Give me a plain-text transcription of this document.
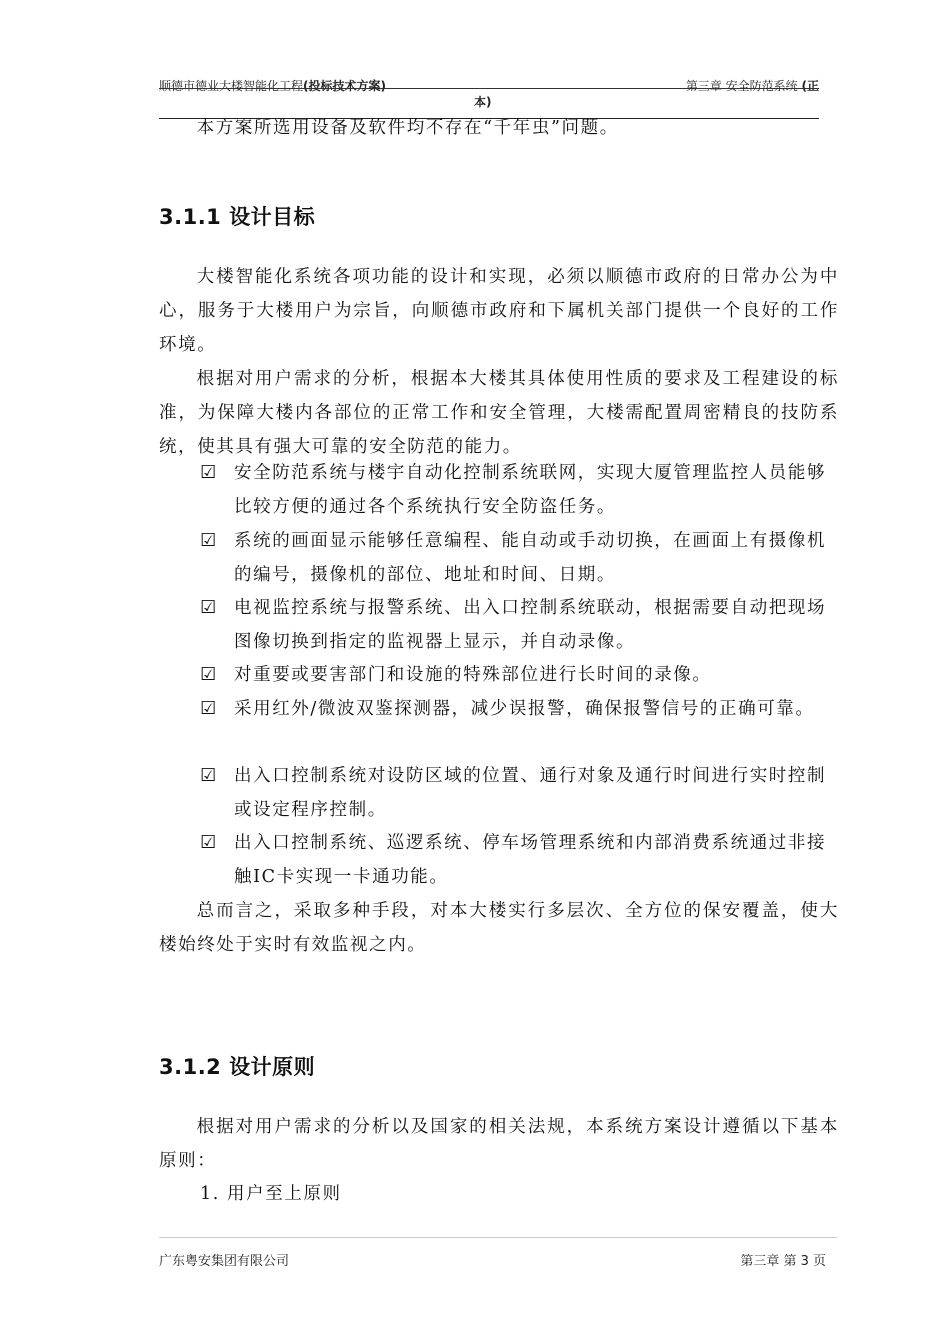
顺德市德业大楼智能化工程(投标技术方案)	第三章 安全防范系统 (正
本)
本方案所选用设备及软件均不存在“千年虫”问题。
3.1.1 设计目标
大楼智能化系统各项功能的设计和实现，必须以顺德市政府的日常办公为中心，服务于大楼用户为宗旨，向顺德市政府和下属机关部门提供一个良好的工作环境。
根据对用户需求的分析，根据本大楼其具体使用性质的要求及工程建设的标准，为保障大楼内各部位的正常工作和安全管理，大楼需配置周密精良的技防系统，使其具有强大可靠的安全防范的能力。
☑ 安全防范系统与楼宇自动化控制系统联网，实现大厦管理监控人员能够比较方便的通过各个系统执行安全防盗任务。
☑ 系统的画面显示能够任意编程、能自动或手动切换，在画面上有摄像机的编号，摄像机的部位、地址和时间、日期。
☑ 电视监控系统与报警系统、出入口控制系统联动，根据需要自动把现场图像切换到指定的监视器上显示，并自动录像。
☑ 对重要或要害部门和设施的特殊部位进行长时间的录像。
☑ 采用红外/微波双鉴探测器，减少误报警，确保报警信号的正确可靠。
☑ 出入口控制系统对设防区域的位置、通行对象及通行时间进行实时控制或设定程序控制。
☑ 出入口控制系统、巡逻系统、停车场管理系统和内部消费系统通过非接触IC卡实现一卡通功能。
总而言之，采取多种手段，对本大楼实行多层次、全方位的保安覆盖，使大楼始终处于实时有效监视之内。
3.1.2 设计原则
根据对用户需求的分析以及国家的相关法规，本系统方案设计遵循以下基本原则：
1. 用户至上原则
广东粤安集团有限公司	第三章 第 3 页
